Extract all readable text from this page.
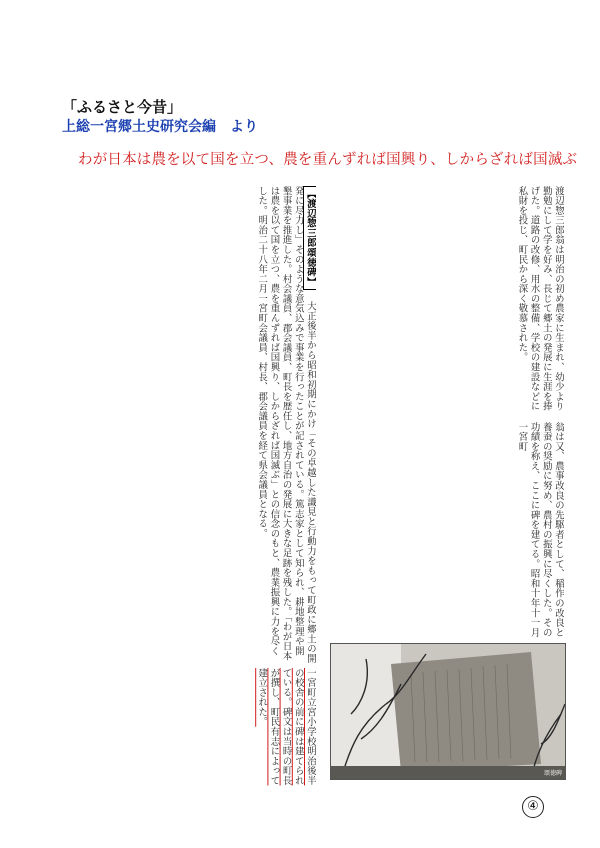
「ふるさと今昔」
上総一宮郷土史研究会編　より
わが日本は農を以て国を立つ、農を重んずれば国興り、しからざれば国滅ぶ
【渡辺惣三郎頌徳碑】 大正後半から昭和初期にかけ「その卓越した識見と行動力をもって町政に郷土の開発に尽力し」そのような意気込みで事業を行ったことが記されている。篤志家として知られ、耕地整理や開墾事業を推進した。村会議員、郡会議員、町長を歴任し、地方自治の発展に大きな足跡を残した。「わが日本は農を以て国を立つ、農を重んずれば国興り、しからざれば国滅ぶ」との信念のもと、農業振興に力を尽くした。明治二十八年二月一宮町会議員、村長、郡会議員を経て県会議員となる。
一宮町立宮小学校明治後半の校舎の前に碑は建てられている。碑文は当時の町長が撰し、町民有志によって建立された。
渡辺惣三郎翁は明治の初め農家に生まれ、幼少より勤勉にして学を好み、長じて郷土の発展に生涯を捧げた。道路の改修、用水の整備、学校の建設などに私財を投じ、町民から深く敬慕された。
翁は又、農事改良の先駆者として、稲作の改良と養蚕の奨励に努め、農村の振興に尽くした。その功績を称え、ここに碑を建てる。昭和十年十一月 一宮町
頌徳碑
④
